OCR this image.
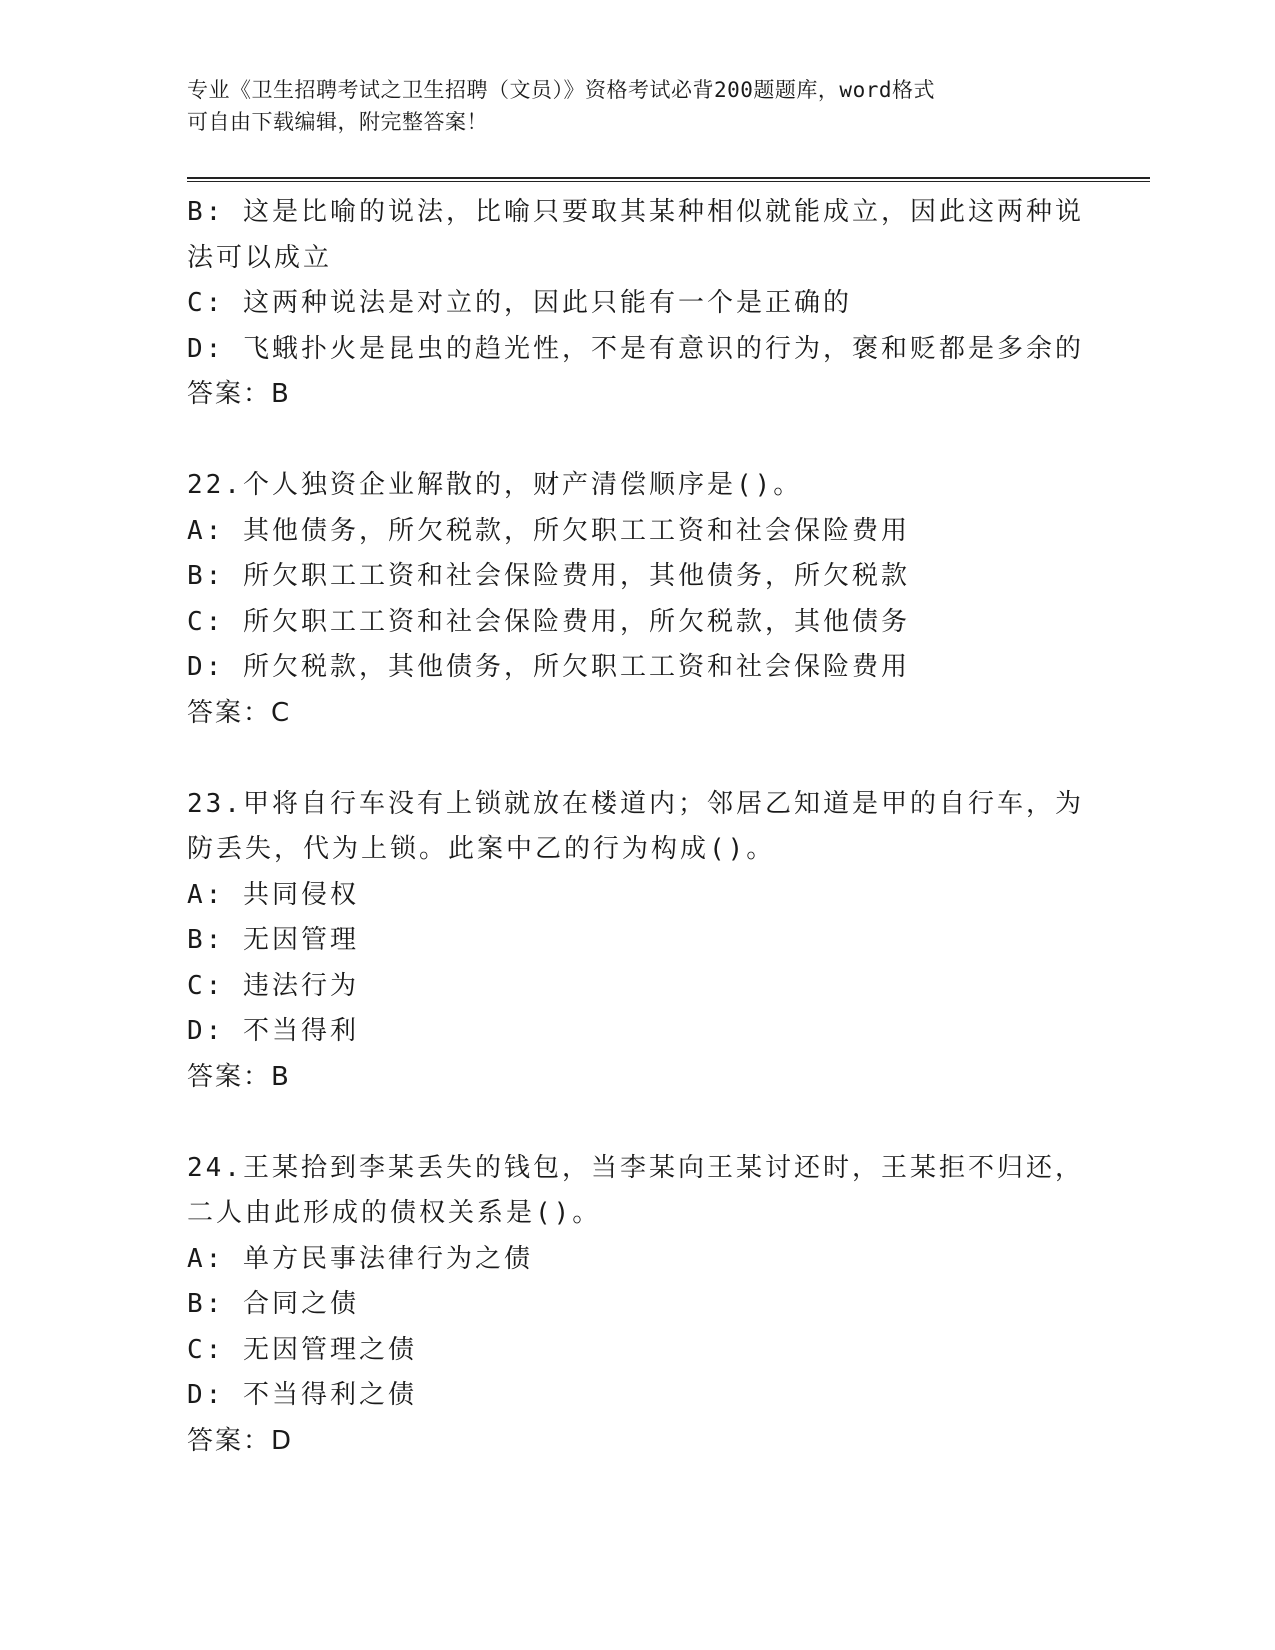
专业《卫生招聘考试之卫生招聘（文员）》资格考试必背200题题库，word格式
可自由下载编辑，附完整答案！
B: 这是比喻的说法，比喻只要取其某种相似就能成立，因此这两种说
法可以成立
C: 这两种说法是对立的，因此只能有一个是正确的
D: 飞蛾扑火是昆虫的趋光性，不是有意识的行为，褒和贬都是多余的
答案：B
22.个人独资企业解散的，财产清偿顺序是()。
A: 其他债务，所欠税款，所欠职工工资和社会保险费用
B: 所欠职工工资和社会保险费用，其他债务，所欠税款
C: 所欠职工工资和社会保险费用，所欠税款，其他债务
D: 所欠税款，其他债务，所欠职工工资和社会保险费用
答案：C
23.甲将自行车没有上锁就放在楼道内；邻居乙知道是甲的自行车，为
防丢失，代为上锁。此案中乙的行为构成()。
A: 共同侵权
B: 无因管理
C: 违法行为
D: 不当得利
答案：B
24.王某拾到李某丢失的钱包，当李某向王某讨还时，王某拒不归还，
二人由此形成的债权关系是()。
A: 单方民事法律行为之债
B: 合同之债
C: 无因管理之债
D: 不当得利之债
答案：D
